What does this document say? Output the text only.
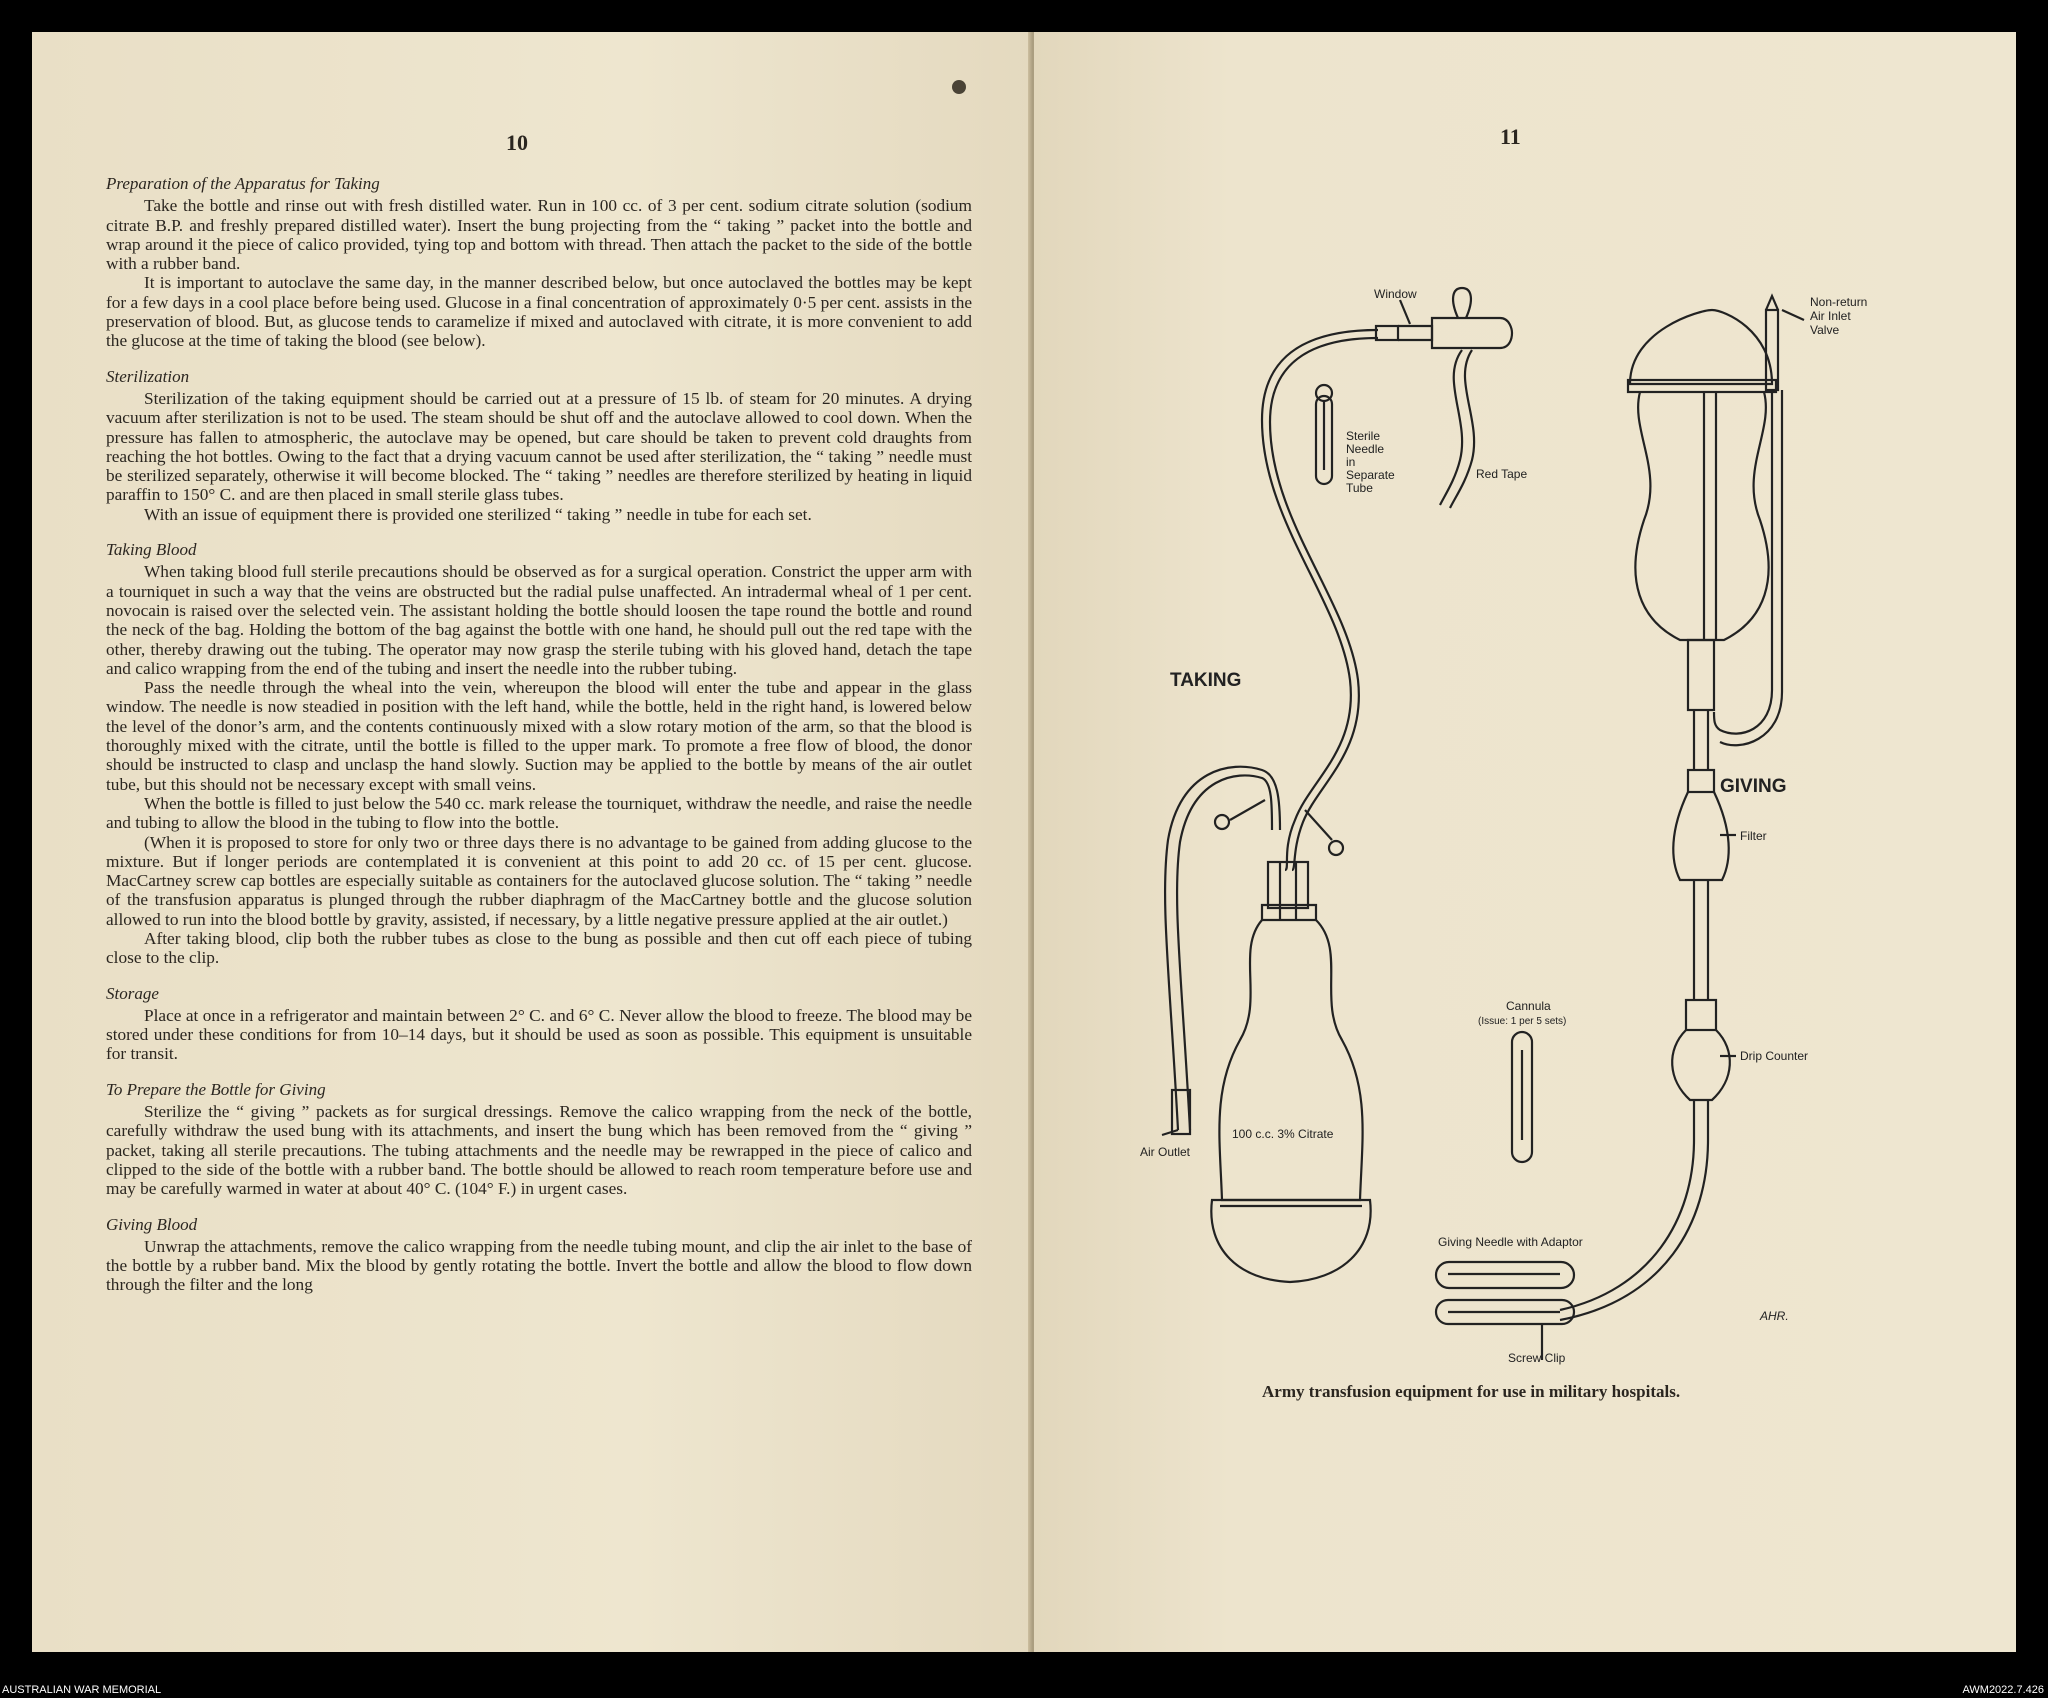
10
Preparation of the Apparatus for Taking

Take the bottle and rinse out with fresh distilled water. Run in 100 cc. of 3 per cent. sodium citrate solution (sodium citrate B.P. and freshly prepared distilled water). Insert the bung projecting from the “ taking ” packet into the bottle and wrap around it the piece of calico provided, tying top and bottom with thread. Then attach the packet to the side of the bottle with a rubber band.

It is important to autoclave the same day, in the manner described below, but once autoclaved the bottles may be kept for a few days in a cool place before being used. Glucose in a final concentration of approximately 0·5 per cent. assists in the preservation of blood. But, as glucose tends to caramelize if mixed and autoclaved with citrate, it is more convenient to add the glucose at the time of taking the blood (see below).

Sterilization

Sterilization of the taking equipment should be carried out at a pressure of 15 lb. of steam for 20 minutes. A drying vacuum after sterilization is not to be used. The steam should be shut off and the autoclave allowed to cool down. When the pressure has fallen to atmospheric, the autoclave may be opened, but care should be taken to prevent cold draughts from reaching the hot bottles. Owing to the fact that a drying vacuum cannot be used after sterilization, the “ taking ” needle must be sterilized separately, otherwise it will become blocked. The “ taking ” needles are therefore sterilized by heating in liquid paraffin to 150° C. and are then placed in small sterile glass tubes.

With an issue of equipment there is provided one sterilized “ taking ” needle in tube for each set.

Taking Blood

When taking blood full sterile precautions should be observed as for a surgical operation. Constrict the upper arm with a tourniquet in such a way that the veins are obstructed but the radial pulse unaffected. An intradermal wheal of 1 per cent. novocain is raised over the selected vein. The assistant holding the bottle should loosen the tape round the bottle and round the neck of the bag. Holding the bottom of the bag against the bottle with one hand, he should pull out the red tape with the other, thereby drawing out the tubing. The operator may now grasp the sterile tubing with his gloved hand, detach the tape and calico wrapping from the end of the tubing and insert the needle into the rubber tubing.

Pass the needle through the wheal into the vein, whereupon the blood will enter the tube and appear in the glass window. The needle is now steadied in position with the left hand, while the bottle, held in the right hand, is lowered below the level of the donor’s arm, and the contents continuously mixed with a slow rotary motion of the arm, so that the blood is thoroughly mixed with the citrate, until the bottle is filled to the upper mark. To promote a free flow of blood, the donor should be instructed to clasp and unclasp the hand slowly. Suction may be applied to the bottle by means of the air outlet tube, but this should not be necessary except with small veins.

When the bottle is filled to just below the 540 cc. mark release the tourniquet, withdraw the needle, and raise the needle and tubing to allow the blood in the tubing to flow into the bottle.

(When it is proposed to store for only two or three days there is no advantage to be gained from adding glucose to the mixture. But if longer periods are contemplated it is convenient at this point to add 20 cc. of 15 per cent. glucose. MacCartney screw cap bottles are especially suitable as containers for the autoclaved glucose solution. The “ taking ” needle of the transfusion apparatus is plunged through the rubber diaphragm of the MacCartney bottle and the glucose solution allowed to run into the blood bottle by gravity, assisted, if necessary, by a little negative pressure applied at the air outlet.)

After taking blood, clip both the rubber tubes as close to the bung as possible and then cut off each piece of tubing close to the clip.

Storage

Place at once in a refrigerator and maintain between 2° C. and 6° C. Never allow the blood to freeze. The blood may be stored under these conditions for from 10–14 days, but it should be used as soon as possible. This equipment is unsuitable for transit.

To Prepare the Bottle for Giving

Sterilize the “ giving ” packets as for surgical dressings. Remove the calico wrapping from the neck of the bottle, carefully withdraw the used bung with its attachments, and insert the bung which has been removed from the “ giving ” packet, taking all sterile precautions. The tubing attachments and the needle may be rewrapped in the piece of calico and clipped to the side of the bottle with a rubber band. The bottle should be allowed to reach room temperature before use and may be carefully warmed in water at about 40° C. (104° F.) in urgent cases.

Giving Blood

Unwrap the attachments, remove the calico wrapping from the needle tubing mount, and clip the air inlet to the base of the bottle by a rubber band. Mix the blood by gently rotating the bottle. Invert the bottle and allow the blood to flow down through the filter and the long

11
Window
Sterile
Needle
in
Separate
Tube
Red Tape
Non-return
Air Inlet
Valve
Filter
Cannula
(Issue: 1 per 5 sets)
Drip Counter
100 c.c. 3% Citrate
Air Outlet
Giving Needle with Adaptor
Screw Clip
AHR.
TAKING
GIVING
Army transfusion equipment for use in military hospitals.
AUSTRALIAN WAR MEMORIAL	AWM2022.7.426
